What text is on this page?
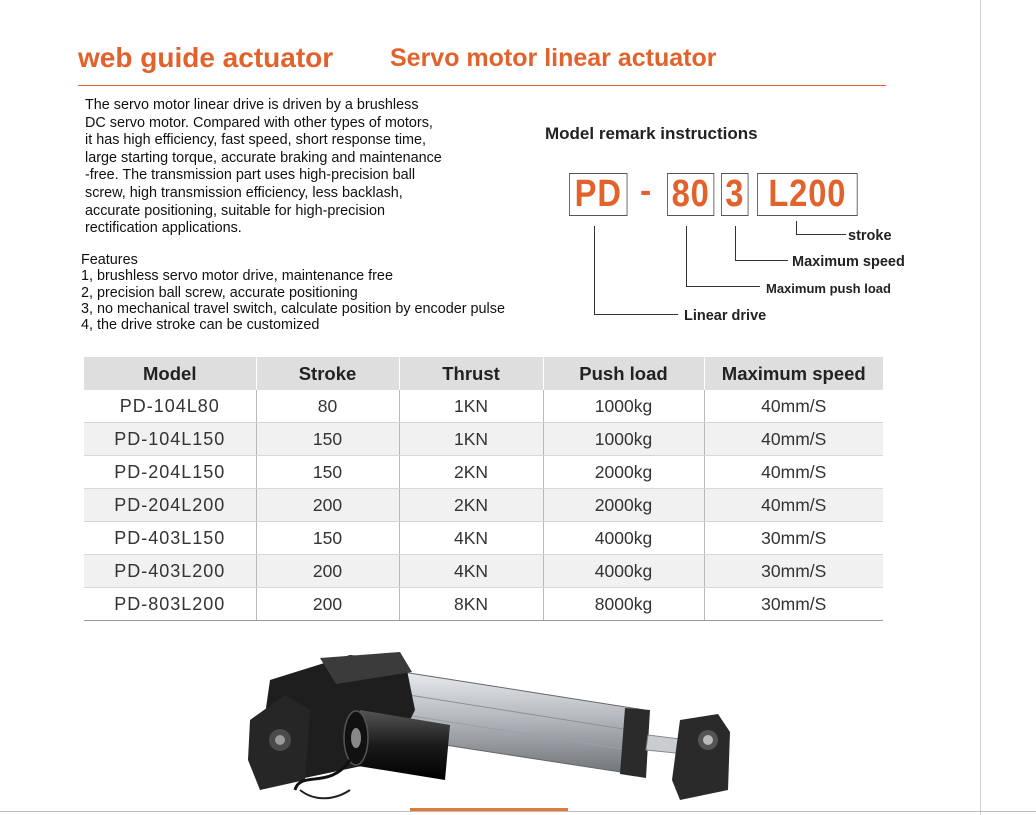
web guide actuator Servo motor linear actuator

The servo motor linear drive is driven by a brushless

DC servo motor. Compared with other types of motors,

it has high efficiency, fast speed, short response time,

large starting torque, accurate braking and maintenance

-free. The transmission part uses high-precision ball

screw, high transmission efficiency, less backlash,

accurate positioning, suitable for high-precision

rectification applications.

Features
1, brushless servo motor drive, maintenance free
2, precision ball screw, accurate positioning
3, no mechanical travel switch, calculate position by encoder pulse
4, the drive stroke can be customized
Model remark instructions
PD - 80 3 L200
stroke
Maximum speed
Maximum push load
Linear drive
Model	Stroke	Thrust	Push load	Maximum speed
PD-104L80	80	1KN	1000kg	40mm/S
PD-104L150	150	1KN	1000kg	40mm/S
PD-204L150	150	2KN	2000kg	40mm/S
PD-204L200	200	2KN	2000kg	40mm/S
PD-403L150	150	4KN	4000kg	30mm/S
PD-403L200	200	4KN	4000kg	30mm/S
PD-803L200	200	8KN	8000kg	30mm/S
